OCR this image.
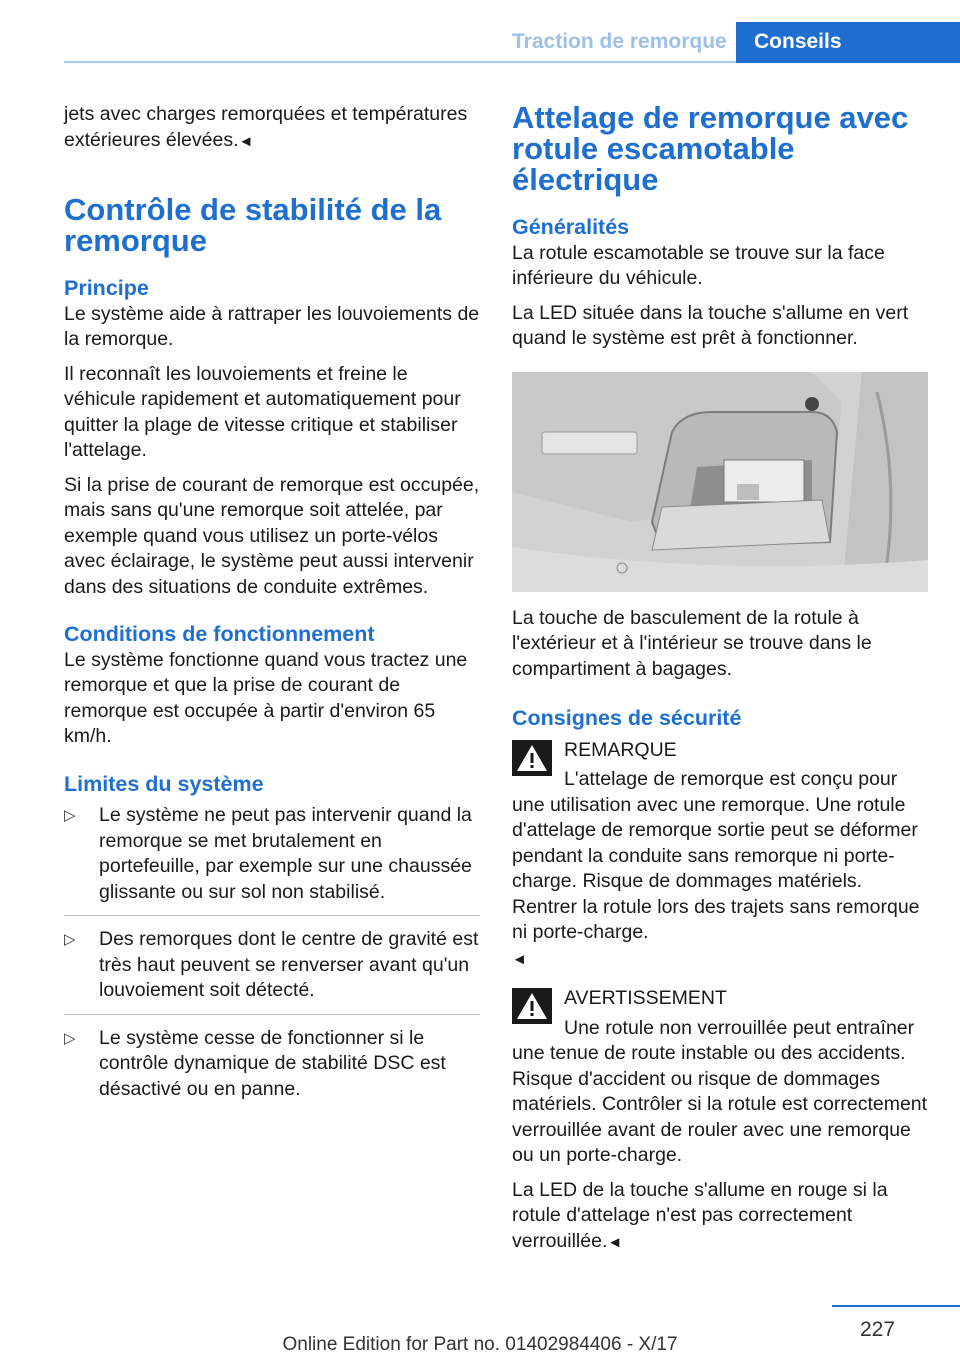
Traction de remorque	Conseils

jets avec charges remorquées et températures extérieures élevées.◄

Contrôle de stabilité de la remorque
Principe

Le système aide à rattraper les louvoiements de la remorque.

Il reconnaît les louvoiements et freine le véhicule rapidement et automatiquement pour quitter la plage de vitesse critique et stabiliser l'attelage.

Si la prise de courant de remorque est occupée, mais sans qu'une remorque soit attelée, par exemple quand vous utilisez un porte-vélos avec éclairage, le système peut aussi intervenir dans des situations de conduite extrêmes.

Conditions de fonctionnement

Le système fonctionne quand vous tractez une remorque et que la prise de courant de remorque est occupée à partir d'environ 65 km/h.

Limites du système
▷ Le système ne peut pas intervenir quand la remorque se met brutalement en portefeuille, par exemple sur une chaussée glissante ou sur sol non stabilisé.
▷ Des remorques dont le centre de gravité est très haut peuvent se renverser avant qu'un louvoiement soit détecté.
▷ Le système cesse de fonctionner si le contrôle dynamique de stabilité DSC est désactivé ou en panne.
Attelage de remorque avec rotule escamotable électrique
Généralités

La rotule escamotable se trouve sur la face inférieure du véhicule.

La LED située dans la touche s'allume en vert quand le système est prêt à fonctionner.

La touche de basculement de la rotule à l'extérieur et à l'intérieur se trouve dans le compartiment à bagages.

Consignes de sécurité

REMARQUE

L'attelage de remorque est conçu pour une utilisation avec une remorque. Une rotule d'attelage de remorque sortie peut se déformer pendant la conduite sans remorque ni porte-charge. Risque de dommages matériels. Rentrer la rotule lors des trajets sans remorque ni porte-charge.
◄

AVERTISSEMENT

Une rotule non verrouillée peut entraîner une tenue de route instable ou des accidents. Risque d'accident ou risque de dommages matériels. Contrôler si la rotule est correctement verrouillée avant de rouler avec une remorque ou un porte-charge.

La LED de la touche s'allume en rouge si la rotule d'attelage n'est pas correctement verrouillée.◄

227
Online Edition for Part no. 01402984406 - X/17
